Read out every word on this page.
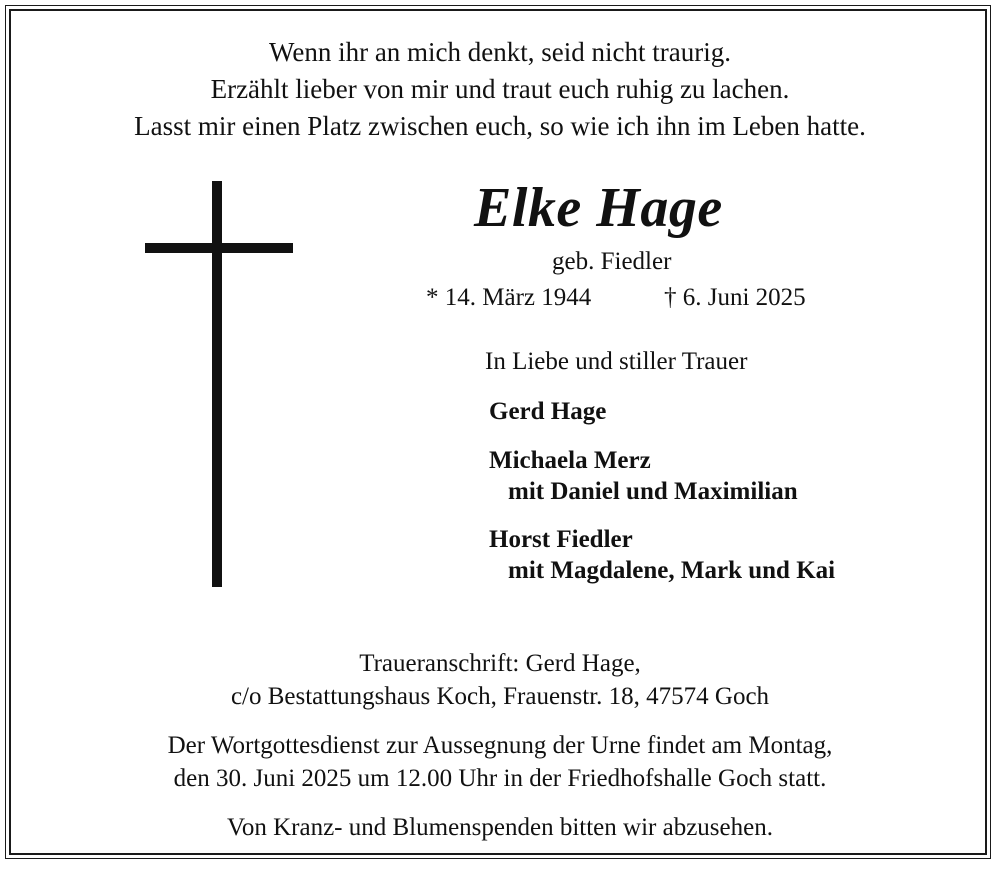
Wenn ihr an mich denkt, seid nicht traurig.
Erzählt lieber von mir und traut euch ruhig zu lachen.
Lasst mir einen Platz zwischen euch, so wie ich ihn im Leben hatte.
Elke Hage
geb. Fiedler
* 14. März 1944	† 6. Juni 2025
In Liebe und stiller Trauer
Gerd Hage
Michaela Merz
mit Daniel und Maximilian
Horst Fiedler
mit Magdalene, Mark und Kai
Traueranschrift: Gerd Hage,
c/o Bestattungshaus Koch, Frauenstr. 18, 47574 Goch
Der Wortgottesdienst zur Aussegnung der Urne findet am Montag,
den 30. Juni 2025 um 12.00 Uhr in der Friedhofshalle Goch statt.
Von Kranz- und Blumenspenden bitten wir abzusehen.
